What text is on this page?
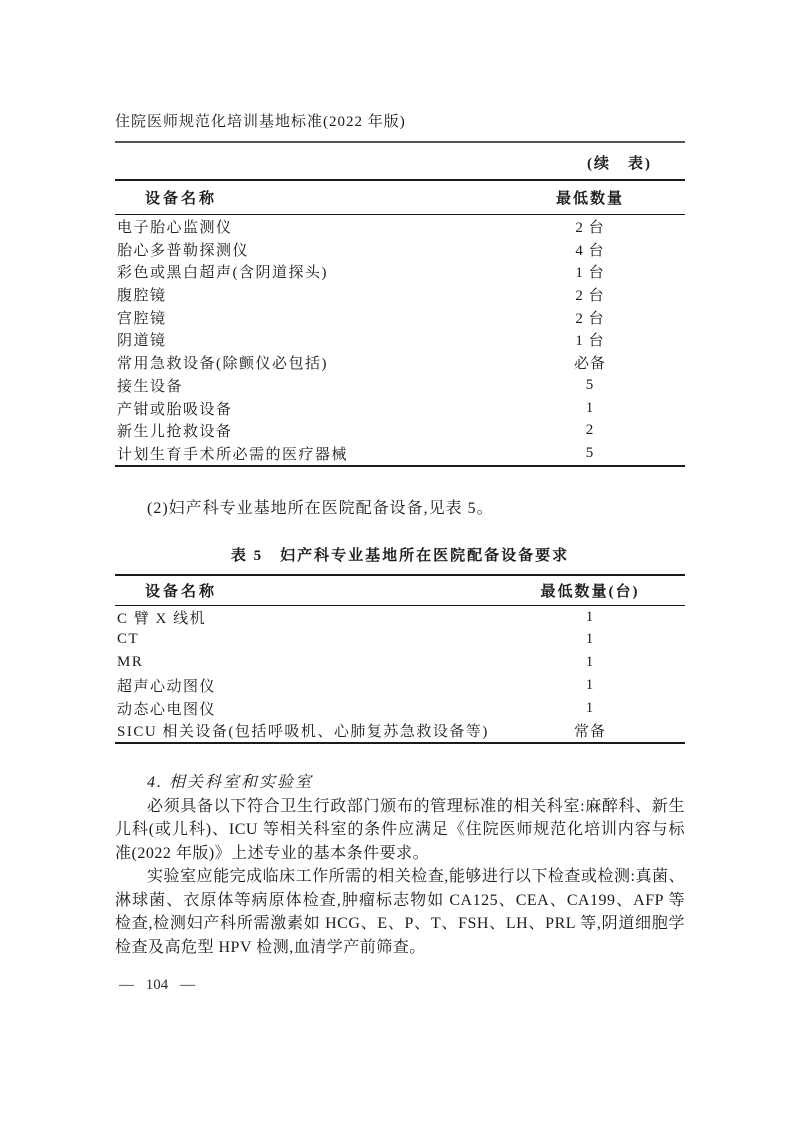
住院医师规范化培训基地标准(2022 年版)
(续　表)
设备名称	最低数量
电子胎心监测仪	2 台
胎心多普勒探测仪	4 台
彩色或黑白超声(含阴道探头)	1 台
腹腔镜	2 台
宫腔镜	2 台
阴道镜	1 台
常用急救设备(除颤仪必包括)	必备
接生设备	5
产钳或胎吸设备	1
新生儿抢救设备	2
计划生育手术所必需的医疗器械	5

(2)妇产科专业基地所在医院配备设备,见表 5。

表 5　妇产科专业基地所在医院配备设备要求
设备名称	最低数量(台)
C 臂 X 线机	1
CT	1
MR	1
超声心动图仪	1
动态心电图仪	1
SICU 相关设备(包括呼吸机、心肺复苏急救设备等)	常备
4. 相关科室和实验室

必须具备以下符合卫生行政部门颁布的管理标准的相关科室:麻醉科、新生儿科(或儿科)、ICU 等相关科室的条件应满足《住院医师规范化培训内容与标准(2022 年版)》上述专业的基本条件要求。

实验室应能完成临床工作所需的相关检查,能够进行以下检查或检测:真菌、淋球菌、衣原体等病原体检查,肿瘤标志物如 CA125、CEA、CA199、AFP 等检查,检测妇产科所需激素如 HCG、E、P、T、FSH、LH、PRL 等,阴道细胞学检查及高危型 HPV 检测,血清学产前筛查。

— 104 —
